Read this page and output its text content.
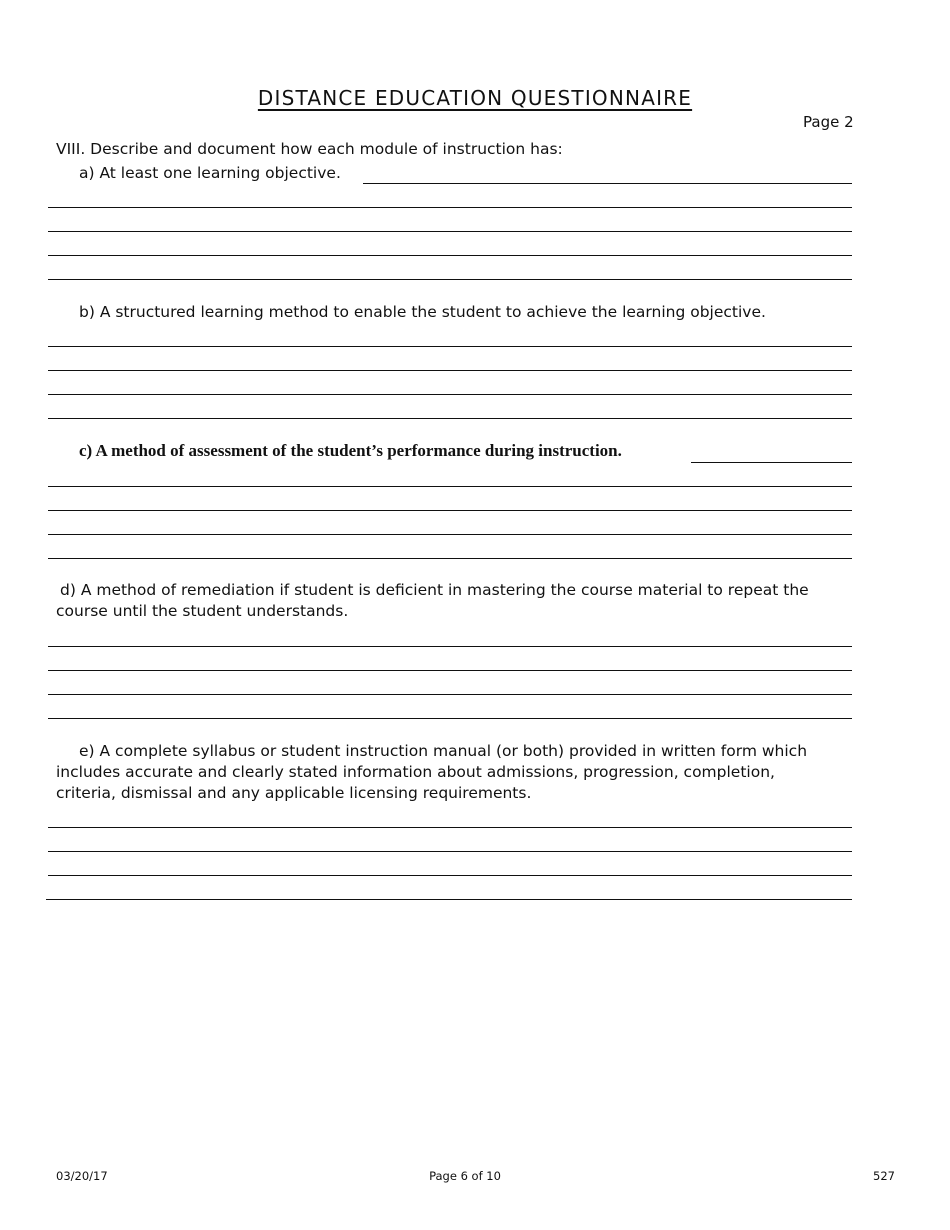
DISTANCE EDUCATION QUESTIONNAIRE
Page 2
VIII. Describe and document how each module of instruction has:
a) At least one learning objective.
b) A structured learning method to enable the student to achieve the learning objective.
c) A method of assessment of the student’s performance during instruction.
d) A method of remediation if student is deficient in mastering the course material to repeat the
course until the student understands.
e) A complete syllabus or student instruction manual (or both) provided in written form which
includes accurate and clearly stated information about admissions, progression, completion,
criteria, dismissal and any applicable licensing requirements.
03/20/17	Page 6 of 10	527
